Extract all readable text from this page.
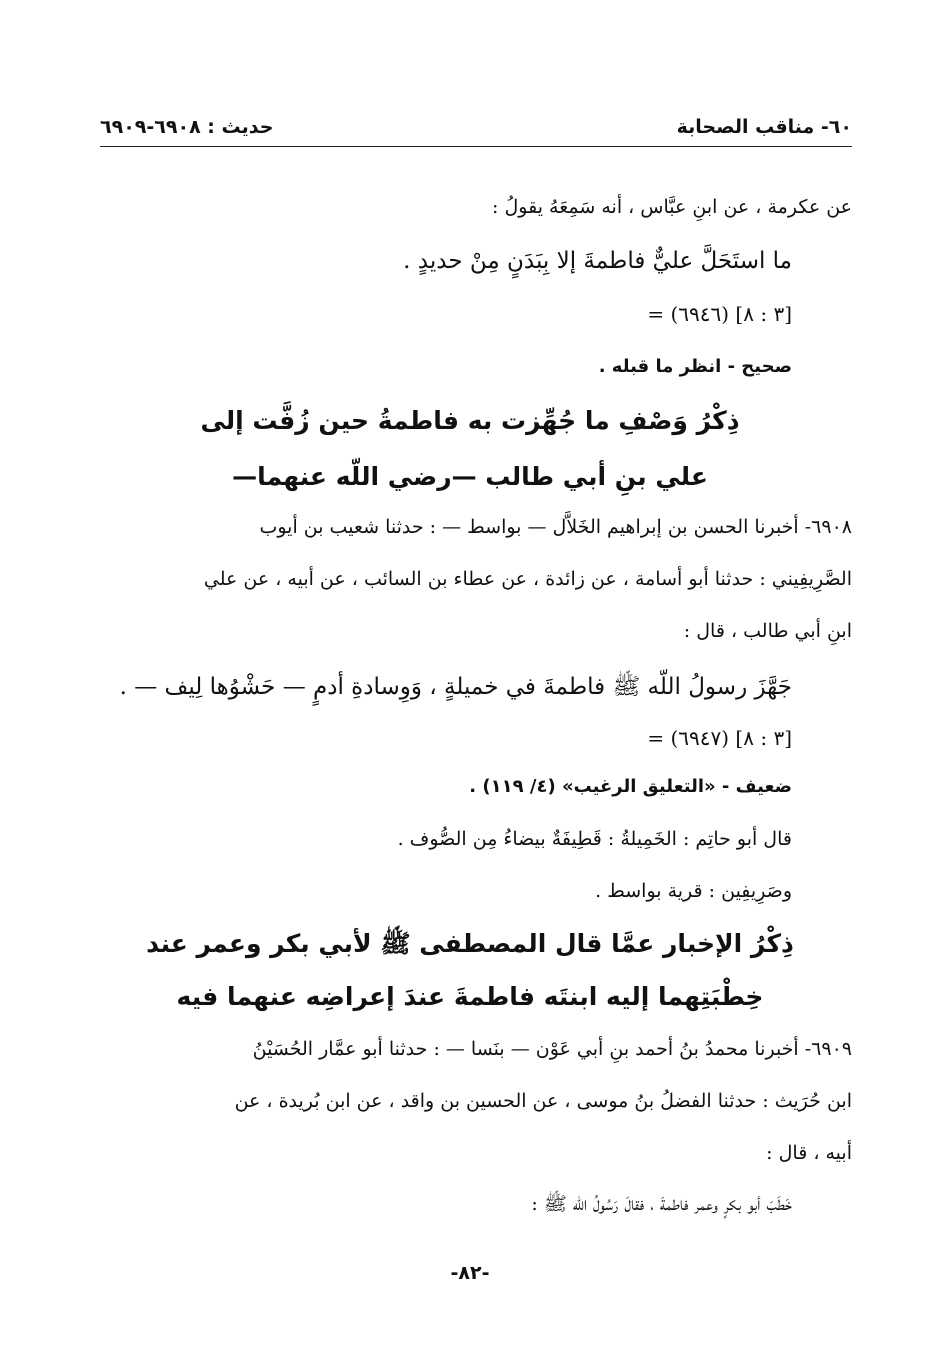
٦٠- مناقب الصحابة
حديث : ٦٩٠٨-٦٩٠٩
عن عكرمة ، عن ابنِ عبَّاس ، أنه سَمِعَهُ يقولُ :
ما استَحَلَّ عليٌّ فاطمةَ إلا بِبَدَنٍ مِنْ حديدٍ .
= (٦٩٤٦) [٣ : ٨]
صحيح - انظر ما قبله .
ذِكْرُ وَصْفِ ما جُهِّزت به فاطمةُ حين زُفَّت إلى
علي بنِ أبي طالب —رضي اللّه عنهما—
٦٩٠٨- أخبرنا الحسن بن إبراهيم الخَلاَّل — بواسط — : حدثنا شعيب بن أيوب
الصَّرِيفِيني : حدثنا أبو أسامة ، عن زائدة ، عن عطاء بن السائب ، عن أبيه ، عن علي
ابنِ أبي طالب ، قال :
جَهَّزَ رسولُ اللّه ﷺ فاطمةَ في خميلةٍ ، وَوِسادةِ أدمٍ — حَشْوُها لِيف — .
= (٦٩٤٧) [٣ : ٨]
ضعيف - «التعليق الرغيب» (٤/ ١١٩) .
قال أبو حاتِم : الخَمِيلةُ : قَطِيفَةٌ بيضاءُ مِن الصُّوف .
وصَرِيفِين : قرية بواسط .
ذِكْرُ الإخبار عمَّا قال المصطفى ﷺ لأبي بكر وعمر عند
خِطْبَتِهما إليه ابنتَه فاطمةَ عندَ إعراضِه عنهما فيه
٦٩٠٩- أخبرنا محمدُ بنُ أحمد بنِ أبي عَوْن — بنَسا — : حدثنا أبو عمَّار الحُسَيْنُ
ابن حُرَيث : حدثنا الفضلُ بنُ موسى ، عن الحسين بن واقد ، عن ابن بُريدة ، عن
أبيه ، قال :
خَطَبَ أبو بكرٍ وعمر فاطمةَ ، فقالَ رَسُولُ اللّه ﷺ :
-٨٢-
